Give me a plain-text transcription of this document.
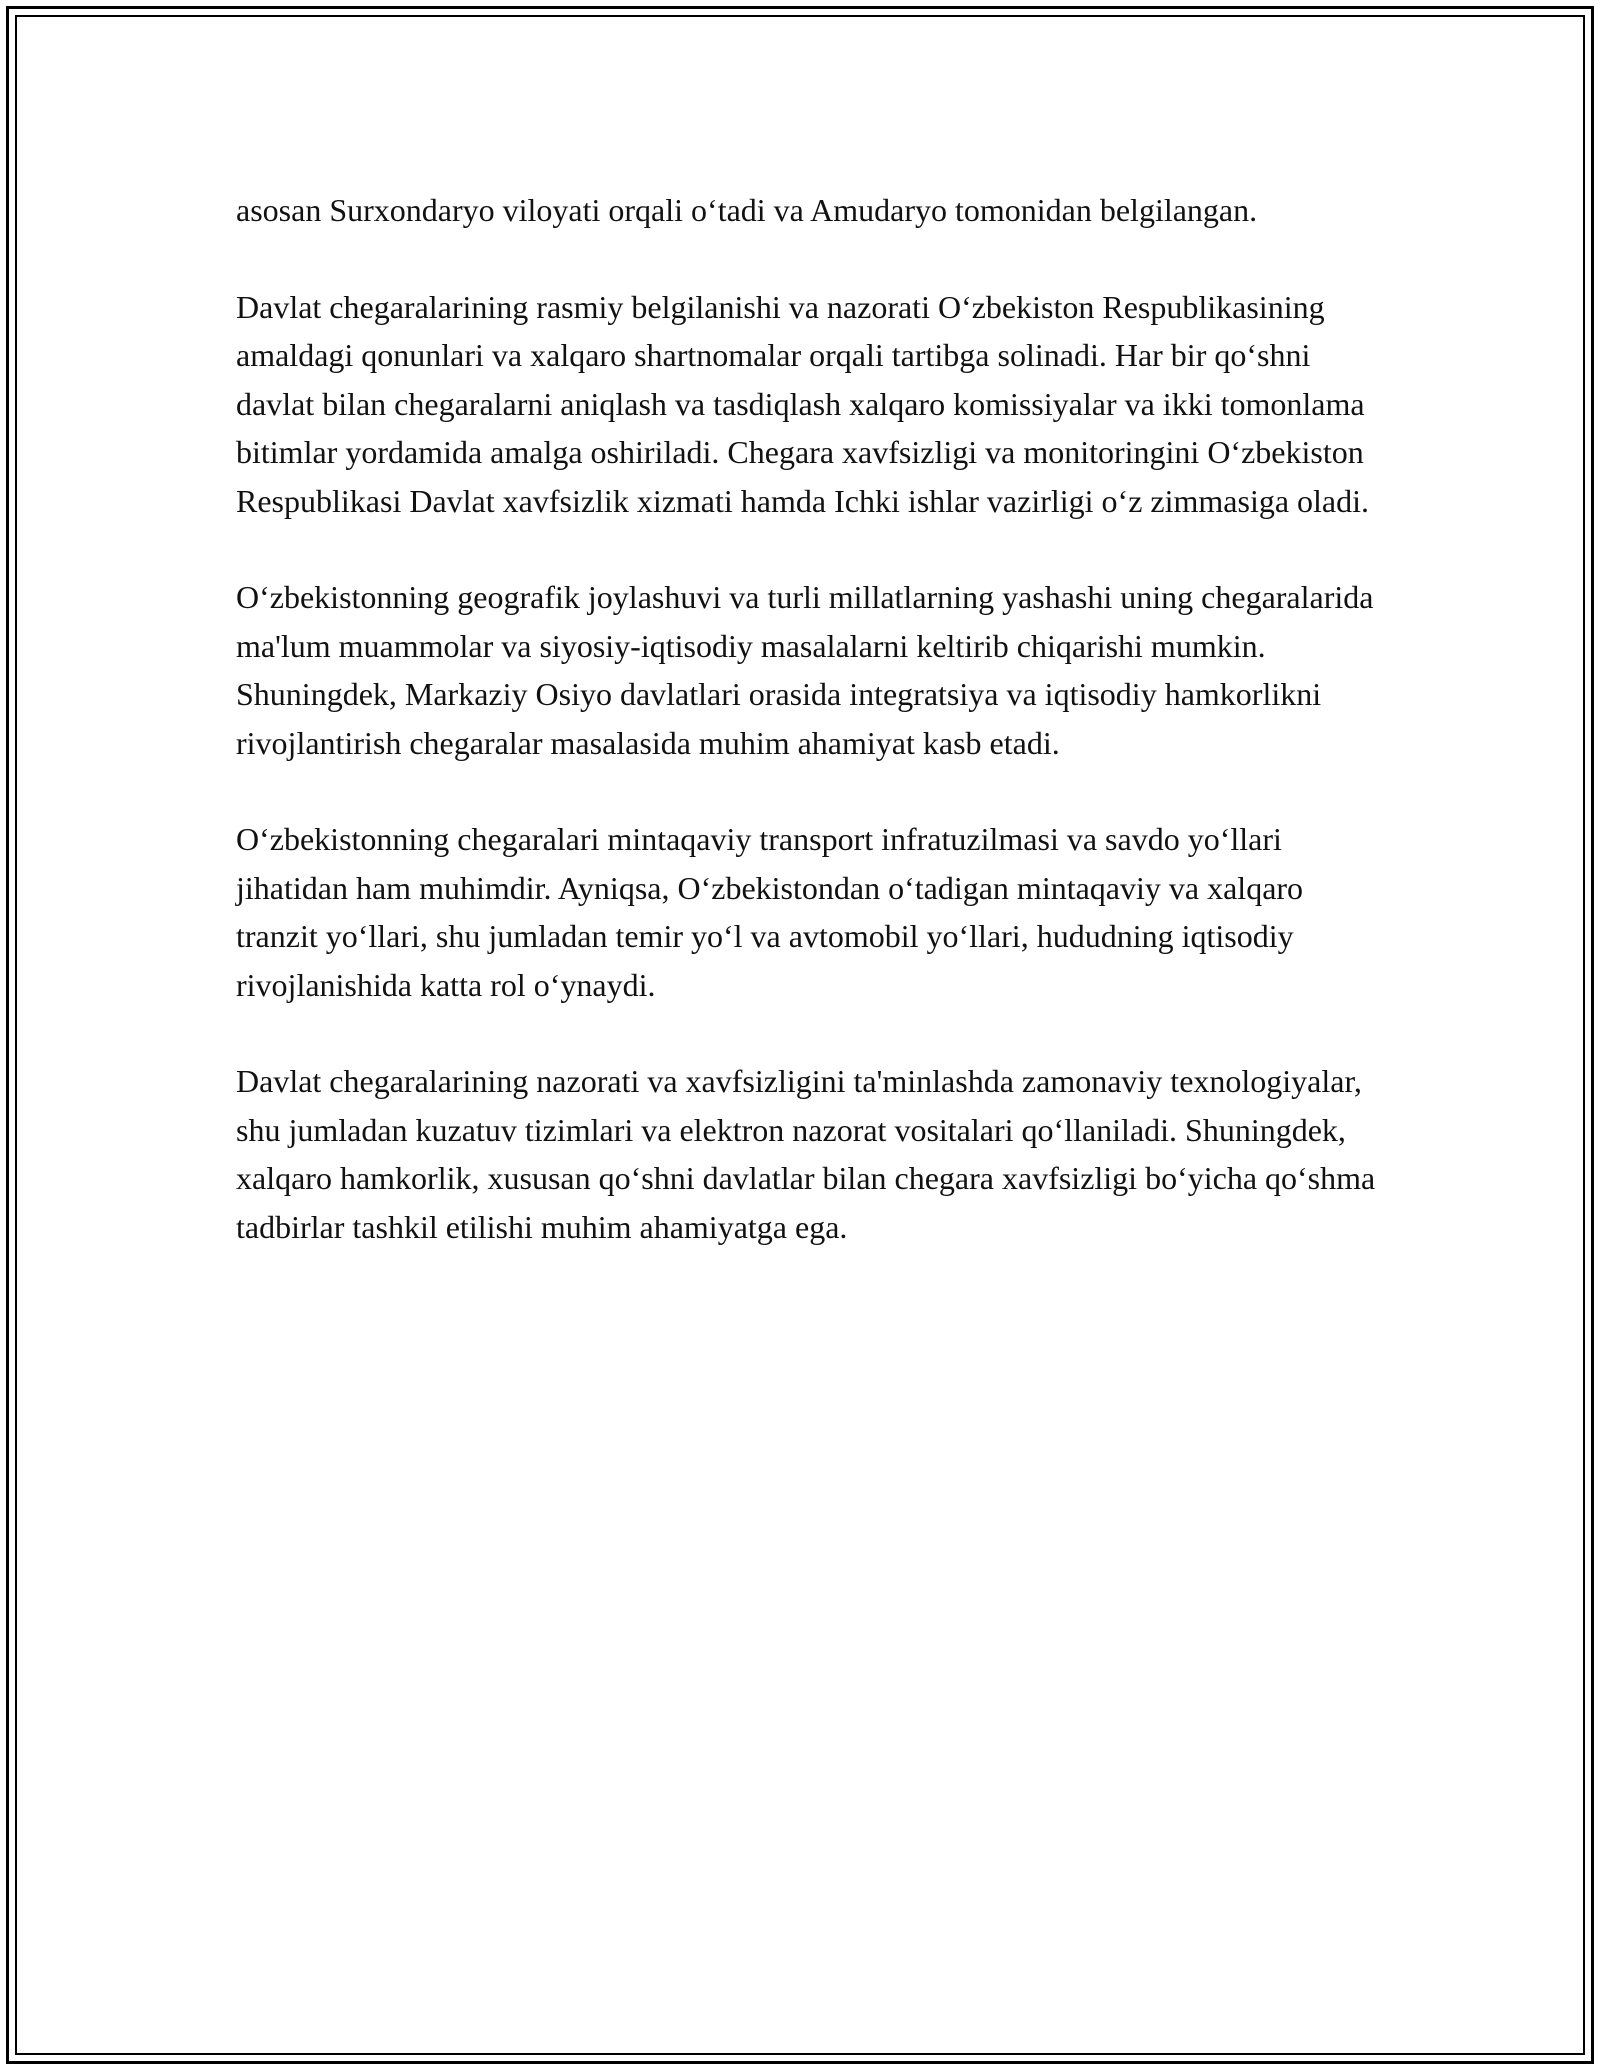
asosan Surxondaryo viloyati orqali o‘tadi va Amudaryo tomonidan belgilangan.

Davlat chegaralarining rasmiy belgilanishi va nazorati O‘zbekiston Respublikasining amaldagi qonunlari va xalqaro shartnomalar orqali tartibga solinadi. Har bir qo‘shni davlat bilan chegaralarni aniqlash va tasdiqlash xalqaro komissiyalar va ikki tomonlama bitimlar yordamida amalga oshiriladi. Chegara xavfsizligi va monitoringini O‘zbekiston Respublikasi Davlat xavfsizlik xizmati hamda Ichki ishlar vazirligi o‘z zimmasiga oladi.

O‘zbekistonning geografik joylashuvi va turli millatlarning yashashi uning chegaralarida ma'lum muammolar va siyosiy-iqtisodiy masalalarni keltirib chiqarishi mumkin. Shuningdek, Markaziy Osiyo davlatlari orasida integratsiya va iqtisodiy hamkorlikni rivojlantirish chegaralar masalasida muhim ahamiyat kasb etadi.

O‘zbekistonning chegaralari mintaqaviy transport infratuzilmasi va savdo yo‘llari jihatidan ham muhimdir. Ayniqsa, O‘zbekistondan o‘tadigan mintaqaviy va xalqaro tranzit yo‘llari, shu jumladan temir yo‘l va avtomobil yo‘llari, hududning iqtisodiy rivojlanishida katta rol o‘ynaydi.

Davlat chegaralarining nazorati va xavfsizligini ta'minlashda zamonaviy texnologiyalar, shu jumladan kuzatuv tizimlari va elektron nazorat vositalari qo‘llaniladi. Shuningdek, xalqaro hamkorlik, xususan qo‘shni davlatlar bilan chegara xavfsizligi bo‘yicha qo‘shma tadbirlar tashkil etilishi muhim ahamiyatga ega.
